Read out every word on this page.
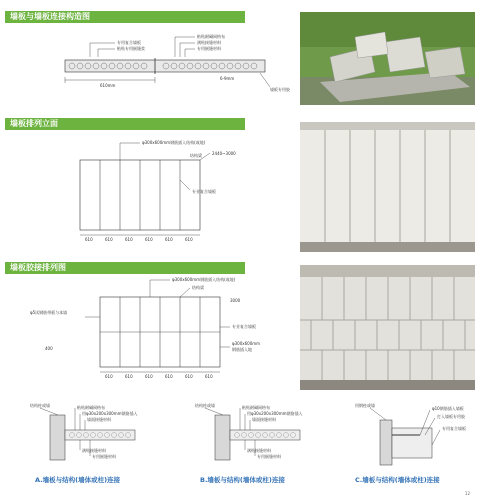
墙板与墙板连接构造图
墙板排列立面
墙板胶接排列图
专用复合墙板
粘贴专用嵌缝浆
粘贴耐碱网格布
满贴接缝材料
专用嵌缝材料
墙板专用胶
610mm
6-9mm
φ300x600mm钢筋插入结构(或地)
结构梁	2440~3000
专业复合墙板
610	610	610	610	610	610
φ300x600mm钢筋插入结构(或地)
结构梁
φ5试钢筋带板与本墙
3000
专业复合墙板
φ300x600mm
钢筋插入地
400
610	610	610	610	610	610
结构柱或墙	粘贴耐碱网格布
用φ30x200x300mm钢筋插入
墙面接缝材料
满贴接缝材料
专用嵌缝材料
A.墙板与结构(墙体或柱)连接
结构柱或墙	粘贴耐碱网格布
用φ30x200x300mm钢筋插入
墙面接缝材料
满贴接缝材料
专用嵌缝材料
B.墙板与结构(墙体或柱)连接
用钢柱或墙
φ10钢筋插入墙板
打入墙板专用胶
专用复合墙板
C.墙板与结构(墙体或柱)连接
12
